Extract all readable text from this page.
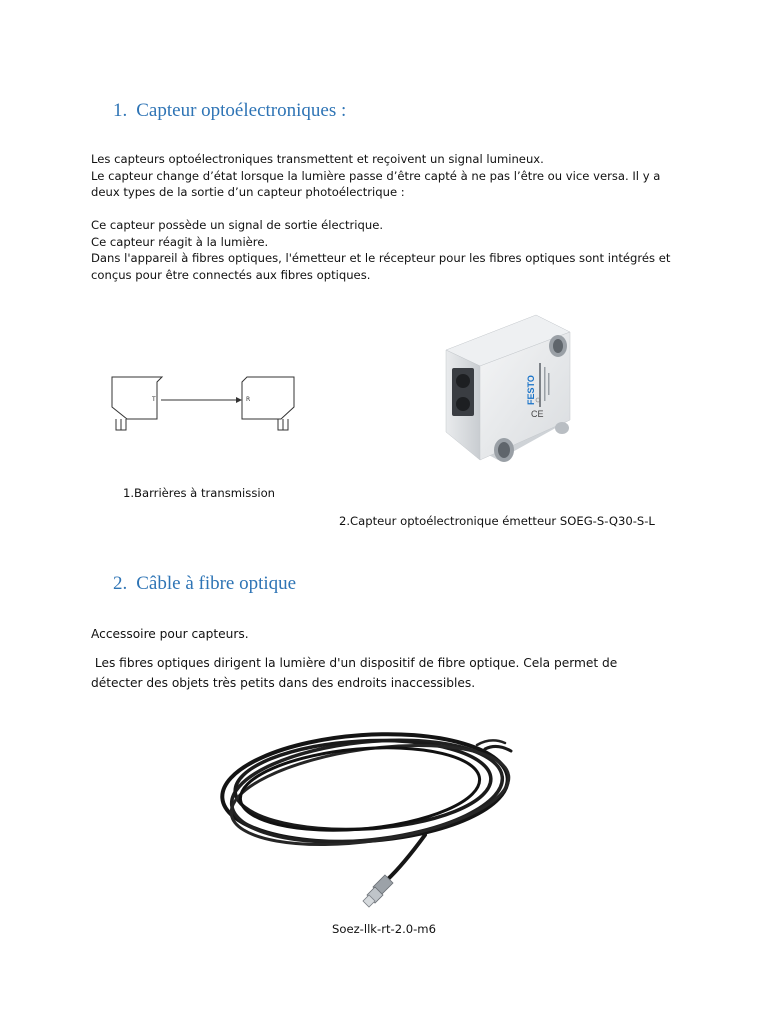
1. Capteur optoélectroniques :

Les capteurs optoélectroniques transmettent et reçoivent un signal lumineux.
Le capteur change d’état lorsque la lumière passe d’être capté à ne pas l’être ou vice versa. Il y a
deux types de la sortie d’un capteur photoélectrique :

Ce capteur possède un signal de sortie électrique.
Ce capteur réagit à la lumière.
Dans l'appareil à fibres optiques, l'émetteur et le récepteur pour les fibres optiques sont intégrés et
conçus pour être connectés aux fibres optiques.

T	R	FESTO
CE

1.Barrières à transmission

2.Capteur optoélectronique émetteur SOEG-S-Q30-S-L

2. Câble à fibre optique

Accessoire pour capteurs.

Les fibres optiques dirigent la lumière d'un dispositif de fibre optique. Cela permet de
détecter des objets très petits dans des endroits inaccessibles.

Soez-llk-rt-2.0-m6
